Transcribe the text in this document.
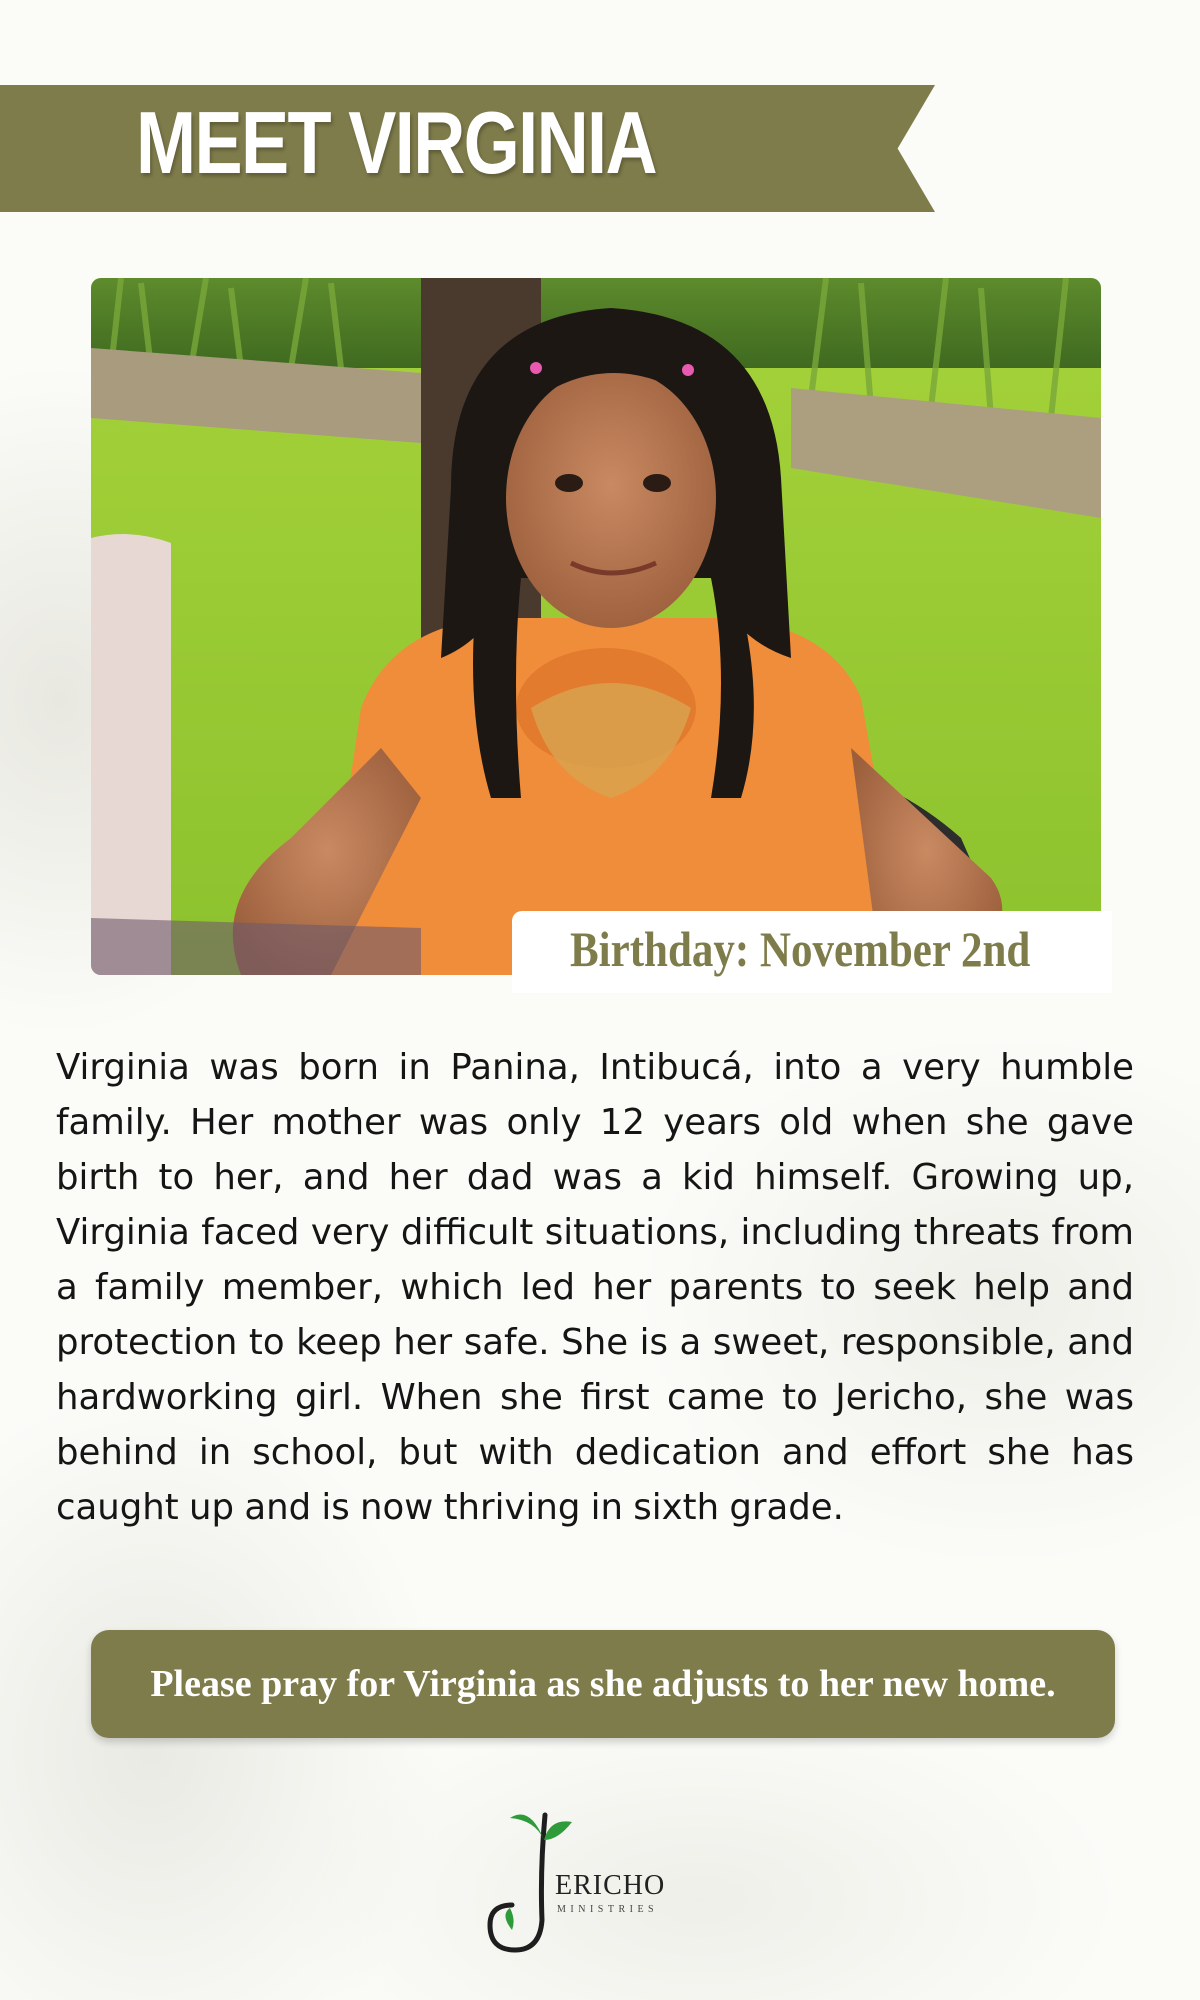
MEET VIRGINIA
Birthday: November 2nd
Virginia was born in Panina, Intibucá, into a very humble family. Her mother was only 12 years old when she gave birth to her, and her dad was a kid himself. Growing up, Virginia faced very difficult situations, including threats from a family member, which led her parents to seek help and protection to keep her safe. She is a sweet, responsible, and hardworking girl. When she first came to Jericho, she was behind in school, but with dedication and effort she has caught up and is now thriving in sixth grade.
Please pray for Virginia as she adjusts to her new home.
ERICHO
MINISTRIES
